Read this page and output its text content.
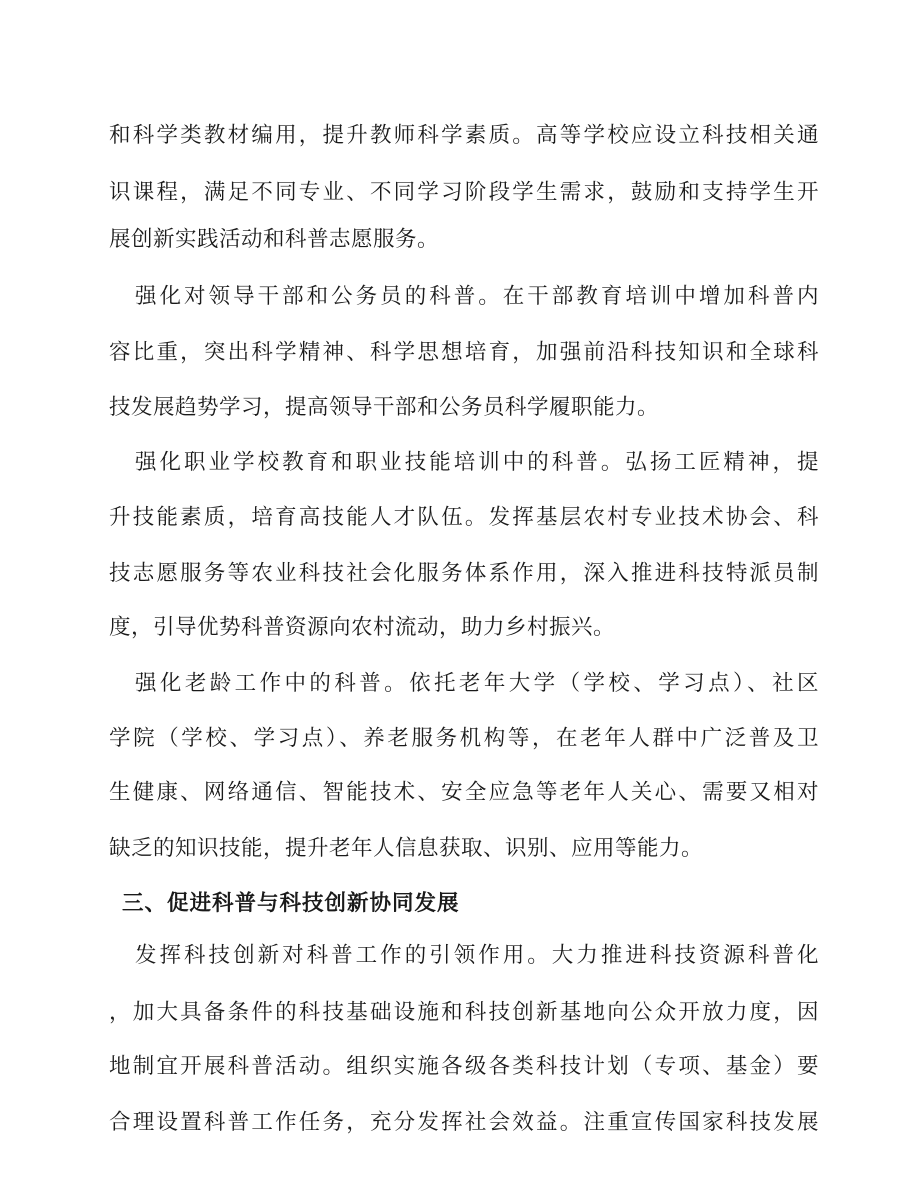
和科学类教材编用，提升教师科学素质。高等学校应设立科技相关通
识课程，满足不同专业、不同学习阶段学生需求，鼓励和支持学生开
展创新实践活动和科普志愿服务。
强化对领导干部和公务员的科普。在干部教育培训中增加科普内
容比重，突出科学精神、科学思想培育，加强前沿科技知识和全球科
技发展趋势学习，提高领导干部和公务员科学履职能力。
强化职业学校教育和职业技能培训中的科普。弘扬工匠精神，提
升技能素质，培育高技能人才队伍。发挥基层农村专业技术协会、科
技志愿服务等农业科技社会化服务体系作用，深入推进科技特派员制
度，引导优势科普资源向农村流动，助力乡村振兴。
强化老龄工作中的科普。依托老年大学（学校、学习点）、社区
学院（学校、学习点）、养老服务机构等，在老年人群中广泛普及卫
生健康、网络通信、智能技术、安全应急等老年人关心、需要又相对
缺乏的知识技能，提升老年人信息获取、识别、应用等能力。
三、促进科普与科技创新协同发展
发挥科技创新对科普工作的引领作用。大力推进科技资源科普化
，加大具备条件的科技基础设施和科技创新基地向公众开放力度，因
地制宜开展科普活动。组织实施各级各类科技计划（专项、基金）要
合理设置科普工作任务，充分发挥社会效益。注重宣传国家科技发展
